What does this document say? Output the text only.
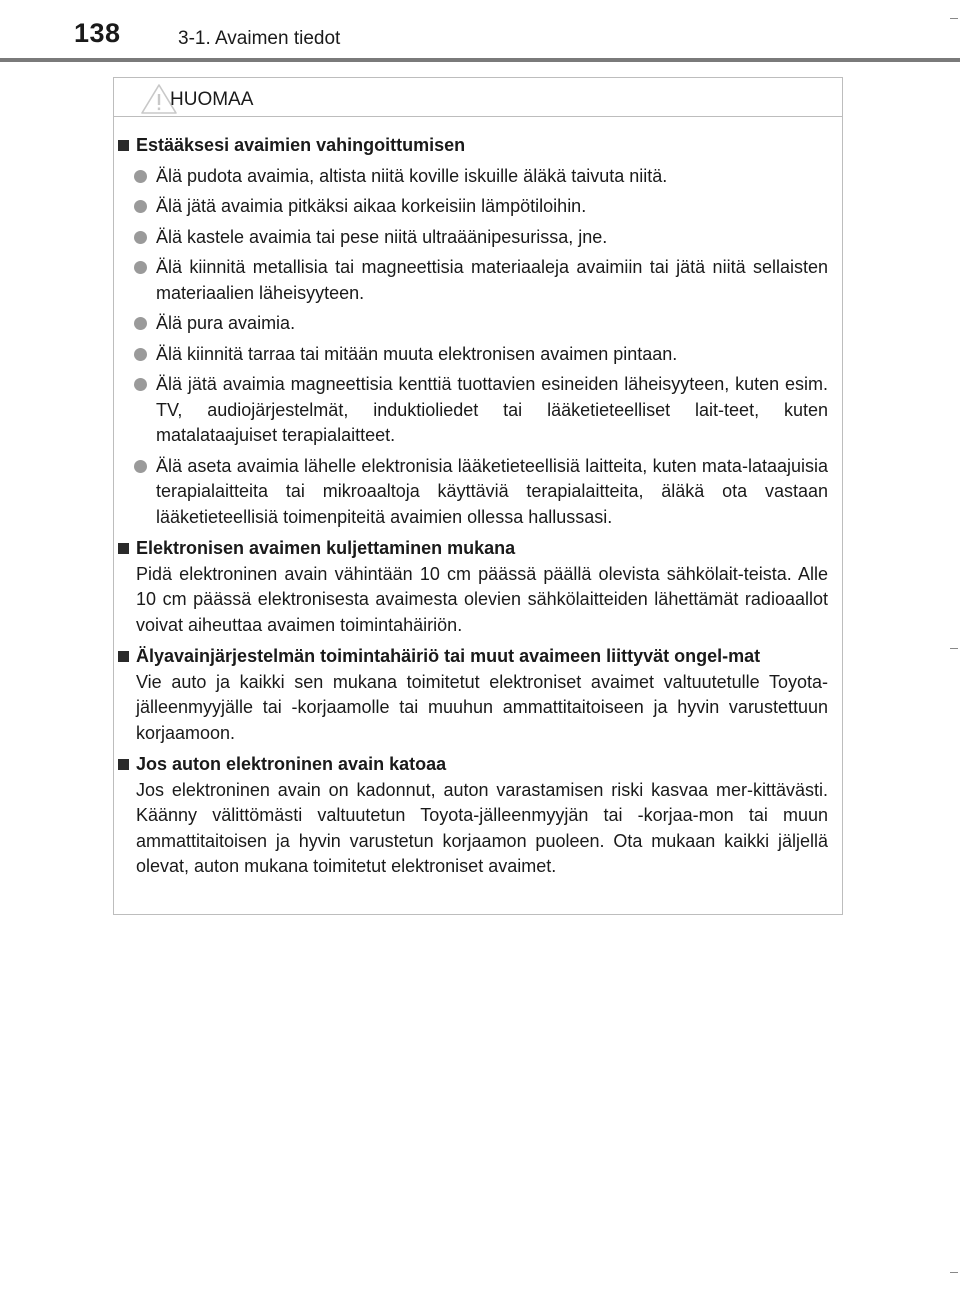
138	3-1. Avaimen tiedot
HUOMAA
Estääksesi avaimien vahingoittumisen
Älä pudota avaimia, altista niitä koville iskuille äläkä taivuta niitä.
Älä jätä avaimia pitkäksi aikaa korkeisiin lämpötiloihin.
Älä kastele avaimia tai pese niitä ultraäänipesurissa, jne.
Älä kiinnitä metallisia tai magneettisia materiaaleja avaimiin tai jätä niitä sellaisten materiaalien läheisyyteen.
Älä pura avaimia.
Älä kiinnitä tarraa tai mitään muuta elektronisen avaimen pintaan.
Älä jätä avaimia magneettisia kenttiä tuottavien esineiden läheisyyteen, kuten esim. TV, audiojärjestelmät, induktioliedet tai lääketieteelliset lait-teet, kuten matalataajuiset terapialaitteet.
Älä aseta avaimia lähelle elektronisia lääketieteellisiä laitteita, kuten mata-lataajuisia terapialaitteita tai mikroaaltoja käyttäviä terapialaitteita, äläkä ota vastaan lääketieteellisiä toimenpiteitä avaimien ollessa hallussasi.
Elektronisen avaimen kuljettaminen mukana
Pidä elektroninen avain vähintään 10 cm päässä päällä olevista sähkölait-teista. Alle 10 cm päässä elektronisesta avaimesta olevien sähkölaitteiden lähettämät radioaallot voivat aiheuttaa avaimen toimintahäiriön.
Älyavainjärjestelmän toimintahäiriö tai muut avaimeen liittyvät ongel-mat
Vie auto ja kaikki sen mukana toimitetut elektroniset avaimet valtuutetulle Toyota-jälleenmyyjälle tai -korjaamolle tai muuhun ammattitaitoiseen ja hyvin varustettuun korjaamoon.
Jos auton elektroninen avain katoaa
Jos elektroninen avain on kadonnut, auton varastamisen riski kasvaa mer-kittävästi. Käänny välittömästi valtuutetun Toyota-jälleenmyyjän tai -korjaa-mon tai muun ammattitaitoisen ja hyvin varustetun korjaamon puoleen. Ota mukaan kaikki jäljellä olevat, auton mukana toimitetut elektroniset avaimet.
